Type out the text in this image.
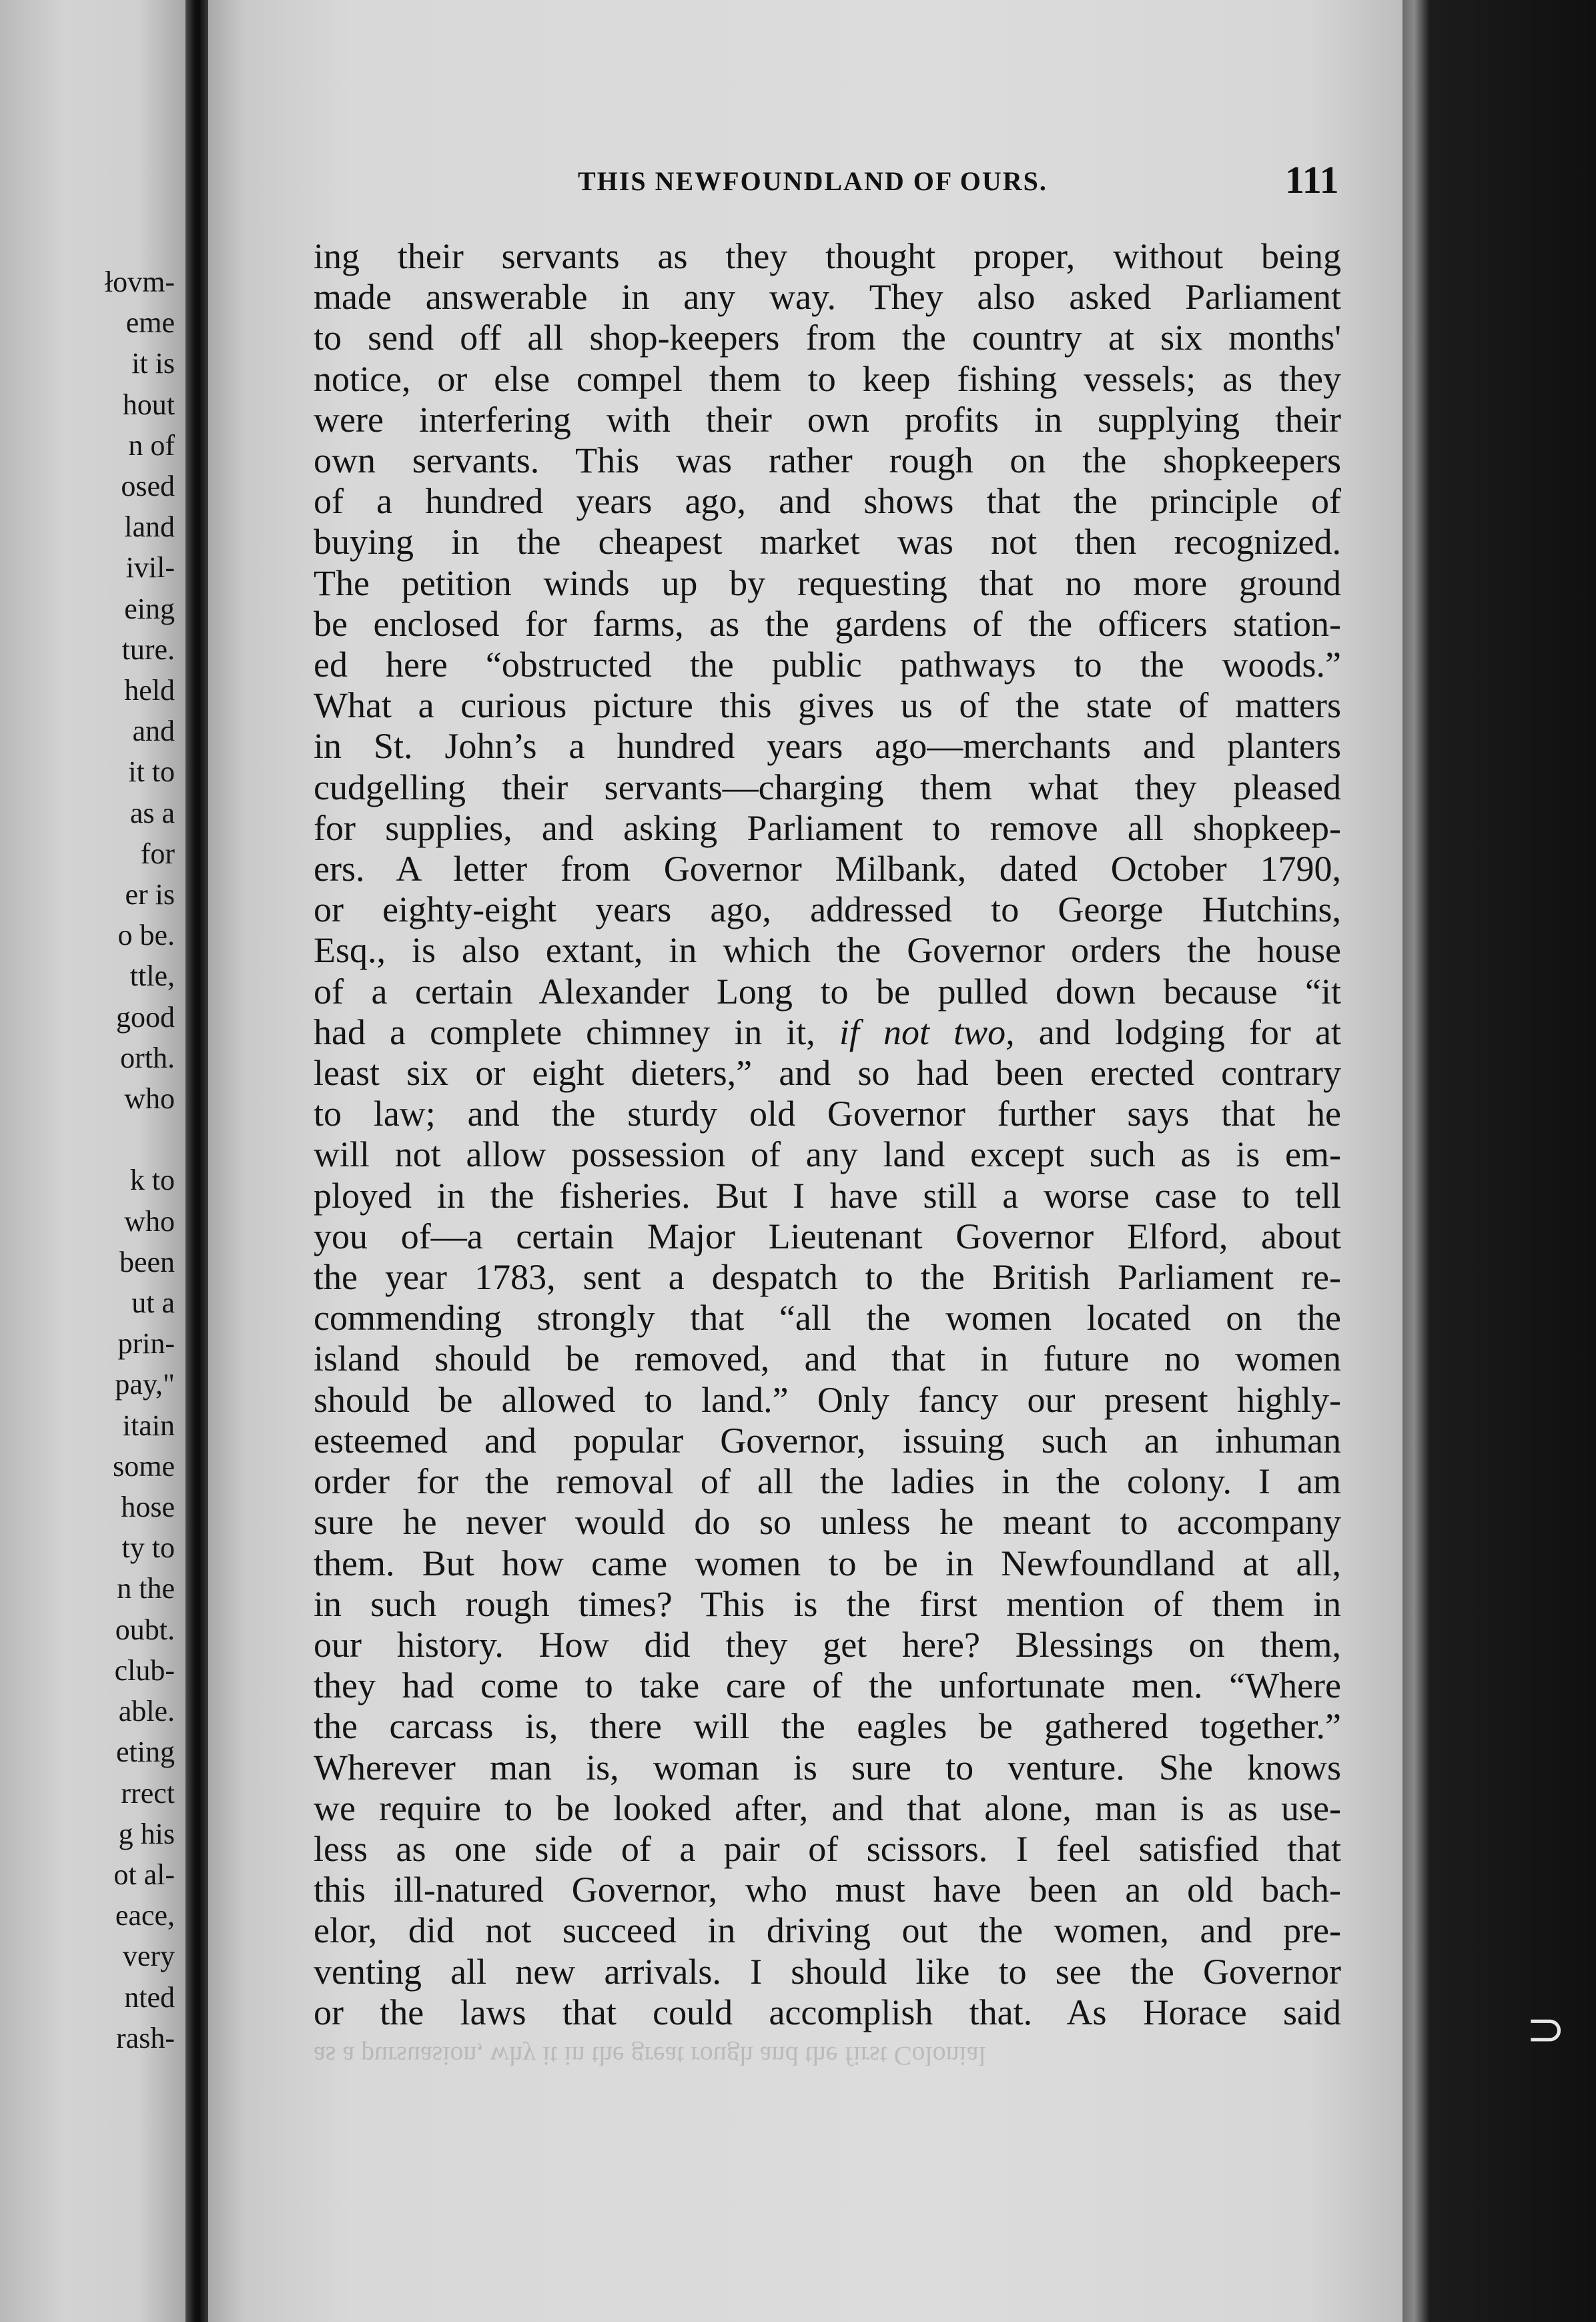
łovm-
eme
it is
hout
n of
osed
land
ivil-
eing
ture.
held
and
it to
as a
for
er is
o be.
ttle,
good
orth.
who
k to
who
been
ut a
prin-
pay,"
itain
some
hose
ty to
n the
oubt.
club-
able.
eting
rrect
g his
ot al-
eace,
very
nted
rash-
THIS NEWFOUNDLAND OF OURS.	111
ing their servants as they thought proper, without being
made answerable in any way. They also asked Parliament
to send off all shop-keepers from the country at six months'
notice, or else compel them to keep fishing vessels; as they
were interfering with their own profits in supplying their
own servants. This was rather rough on the shopkeepers
of a hundred years ago, and shows that the principle of
buying in the cheapest market was not then recognized.
The petition winds up by requesting that no more ground
be enclosed for farms, as the gardens of the officers station-
ed here “obstructed the public pathways to the woods.”
What a curious picture this gives us of the state of matters
in St. John’s a hundred years ago—merchants and planters
cudgelling their servants—charging them what they pleased
for supplies, and asking Parliament to remove all shopkeep-
ers. A letter from Governor Milbank, dated October 1790,
or eighty-eight years ago, addressed to George Hutchins,
Esq., is also extant, in which the Governor orders the house
of a certain Alexander Long to be pulled down because “it
had a complete chimney in it, if not two, and lodging for at
least six or eight dieters,” and so had been erected contrary
to law; and the sturdy old Governor further says that he
will not allow possession of any land except such as is em-
ployed in the fisheries. But I have still a worse case to tell
you of—a certain Major Lieutenant Governor Elford, about
the year 1783, sent a despatch to the British Parliament re-
commending strongly that “all the women located on the
island should be removed, and that in future no women
should be allowed to land.” Only fancy our present highly-
esteemed and popular Governor, issuing such an inhuman
order for the removal of all the ladies in the colony. I am
sure he never would do so unless he meant to accompany
them. But how came women to be in Newfoundland at all,
in such rough times? This is the first mention of them in
our history. How did they get here? Blessings on them,
they had come to take care of the unfortunate men. “Where
the carcass is, there will the eagles be gathered together.”
Wherever man is, woman is sure to venture. She knows
we require to be looked after, and that alone, man is as use-
less as one side of a pair of scissors. I feel satisfied that
this ill-natured Governor, who must have been an old bach-
elor, did not succeed in driving out the women, and pre-
venting all new arrivals. I should like to see the Governor
or the laws that could accomplish that. As Horace said
as a pursuasion, why it in the great rough and the first Colonial
⊃
